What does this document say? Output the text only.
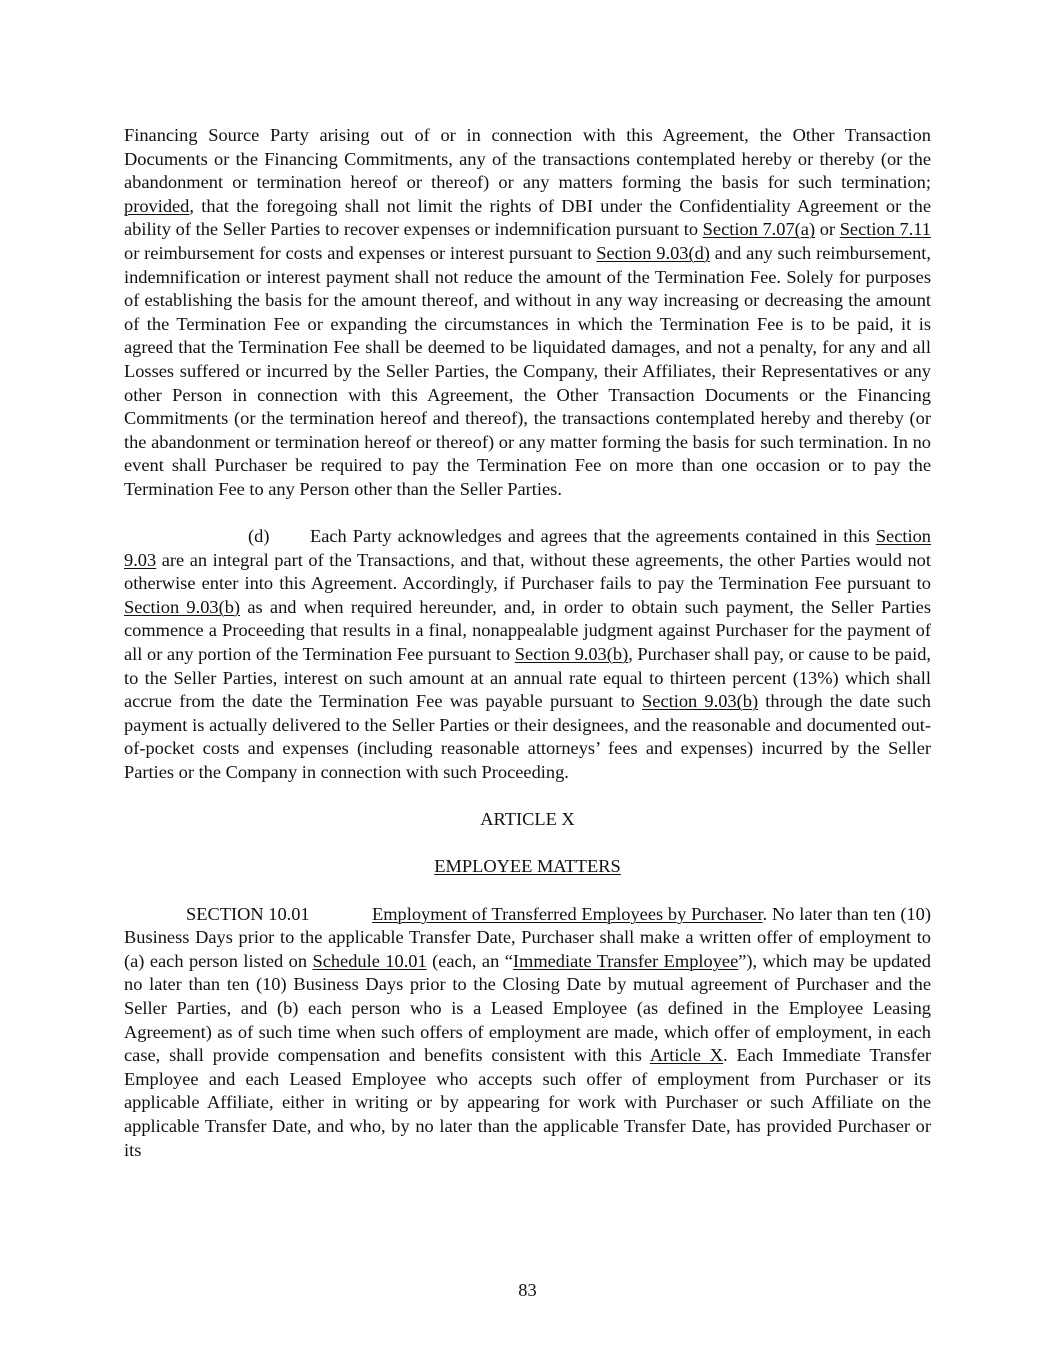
Financing Source Party arising out of or in connection with this Agreement, the Other Transaction Documents or the Financing Commitments, any of the transactions contemplated hereby or thereby (or the abandonment or termination hereof or thereof) or any matters forming the basis for such termination; provided, that the foregoing shall not limit the rights of DBI under the Confidentiality Agreement or the ability of the Seller Parties to recover expenses or indemnification pursuant to Section 7.07(a) or Section 7.11 or reimbursement for costs and expenses or interest pursuant to Section 9.03(d) and any such reimbursement, indemnification or interest payment shall not reduce the amount of the Termination Fee. Solely for purposes of establishing the basis for the amount thereof, and without in any way increasing or decreasing the amount of the Termination Fee or expanding the circumstances in which the Termination Fee is to be paid, it is agreed that the Termination Fee shall be deemed to be liquidated damages, and not a penalty, for any and all Losses suffered or incurred by the Seller Parties, the Company, their Affiliates, their Representatives or any other Person in connection with this Agreement, the Other Transaction Documents or the Financing Commitments (or the termination hereof and thereof), the transactions contemplated hereby and thereby (or the abandonment or termination hereof or thereof) or any matter forming the basis for such termination. In no event shall Purchaser be required to pay the Termination Fee on more than one occasion or to pay the Termination Fee to any Person other than the Seller Parties.

(d) Each Party acknowledges and agrees that the agreements contained in this Section 9.03 are an integral part of the Transactions, and that, without these agreements, the other Parties would not otherwise enter into this Agreement. Accordingly, if Purchaser fails to pay the Termination Fee pursuant to Section 9.03(b) as and when required hereunder, and, in order to obtain such payment, the Seller Parties commence a Proceeding that results in a final, nonappealable judgment against Purchaser for the payment of all or any portion of the Termination Fee pursuant to Section 9.03(b), Purchaser shall pay, or cause to be paid, to the Seller Parties, interest on such amount at an annual rate equal to thirteen percent (13%) which shall accrue from the date the Termination Fee was payable pursuant to Section 9.03(b) through the date such payment is actually delivered to the Seller Parties or their designees, and the reasonable and documented out-of-pocket costs and expenses (including reasonable attorneys’ fees and expenses) incurred by the Seller Parties or the Company in connection with such Proceeding.

ARTICLE X

EMPLOYEE MATTERS

SECTION 10.01	Employment of Transferred Employees by Purchaser. No later than ten (10) Business Days prior to the applicable Transfer Date, Purchaser shall make a written offer of employment to (a) each person listed on Schedule 10.01 (each, an “Immediate Transfer Employee”), which may be updated no later than ten (10) Business Days prior to the Closing Date by mutual agreement of Purchaser and the Seller Parties, and (b) each person who is a Leased Employee (as defined in the Employee Leasing Agreement) as of such time when such offers of employment are made, which offer of employment, in each case, shall provide compensation and benefits consistent with this Article X. Each Immediate Transfer Employee and each Leased Employee who accepts such offer of employment from Purchaser or its applicable Affiliate, either in writing or by appearing for work with Purchaser or such Affiliate on the applicable Transfer Date, and who, by no later than the applicable Transfer Date, has provided Purchaser or its

83
